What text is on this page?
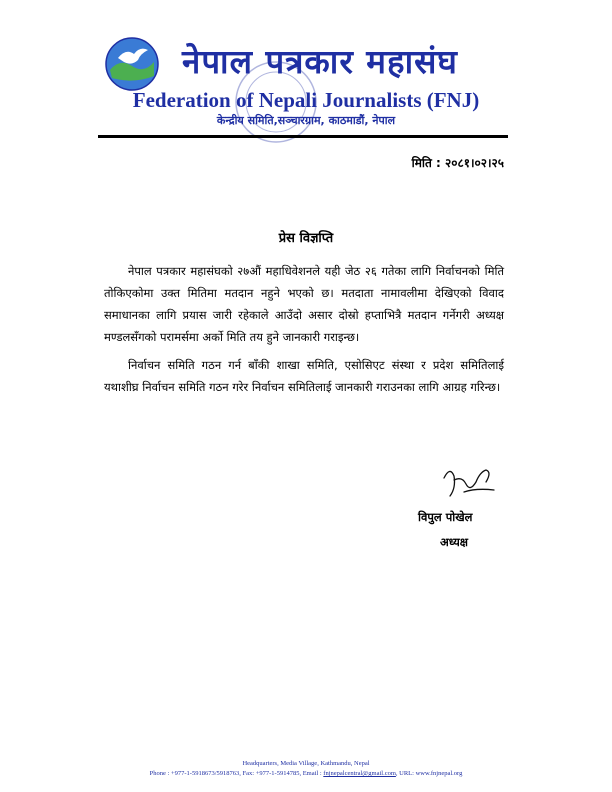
नेपाल पत्रकार महासंघ
Federation of Nepali Journalists (FNJ)
केन्द्रीय समिति,सञ्चारग्राम, काठमाडौं, नेपाल
मिति : २०८१।०२।२५
प्रेस विज्ञप्ति

नेपाल पत्रकार महासंघको २७औं महाधिवेशनले यही जेठ २६ गतेका लागि निर्वाचनको मिति तोकिएकोमा उक्त मितिमा मतदान नहुने भएको छ। मतदाता नामावलीमा देखिएको विवाद समाधानका लागि प्रयास जारी रहेकाले आउँदो असार दोस्रो हप्ताभित्रै मतदान गर्नेगरी अध्यक्ष मण्डलसँगको परामर्समा अर्को मिति तय हुने जानकारी गराइन्छ।

निर्वाचन समिति गठन गर्न बाँकी शाखा समिति, एसोसिएट संस्था र प्रदेश समितिलाई यथाशीघ्र निर्वाचन समिति गठन गरेर निर्वाचन समितिलाई जानकारी गराउनका लागि आग्रह गरिन्छ।

विपुल पोखेल
अध्यक्ष
Headquarters, Media Village, Kathmandu, Nepal
Phone : +977-1-5918673/5918763, Fax: +977-1-5914785, Email : fnjnepalcentral@gmail.com, URL: www.fnjnepal.org
